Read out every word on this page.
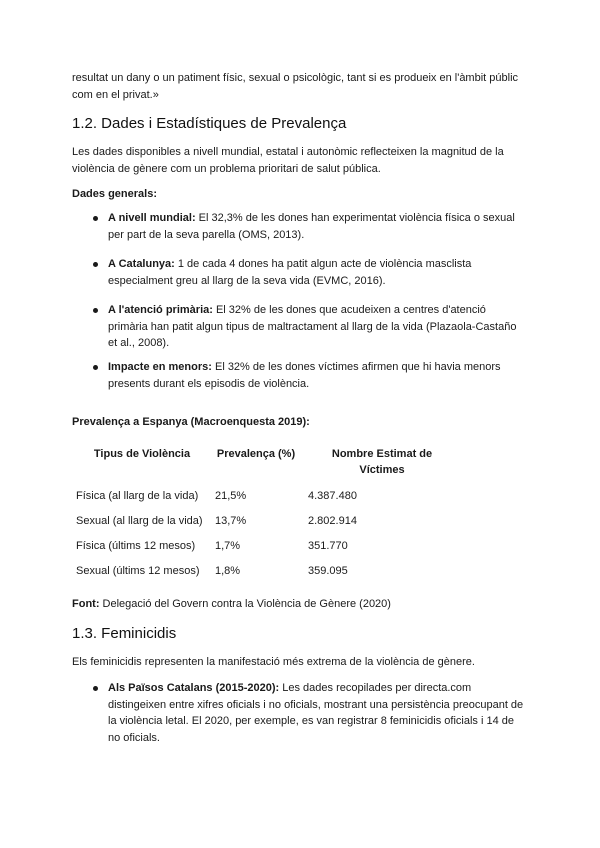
resultat un dany o un patiment físic, sexual o psicològic, tant si es produeix en l'àmbit públic com en el privat.»

1.2. Dades i Estadístiques de Prevalença

Les dades disponibles a nivell mundial, estatal i autonòmic reflecteixen la magnitud de la violència de gènere com un problema prioritari de salut pública.

Dades generals:

A nivell mundial: El 32,3% de les dones han experimentat violència física o sexual per part de la seva parella (OMS, 2013).

A Catalunya: 1 de cada 4 dones ha patit algun acte de violència masclista especialment greu al llarg de la seva vida (EVMC, 2016).

A l'atenció primària: El 32% de les dones que acudeixen a centres d'atenció primària han patit algun tipus de maltractament al llarg de la vida (Plazaola-Castaño et al., 2008).

Impacte en menors: El 32% de les dones víctimes afirmen que hi havia menors presents durant els episodis de violència.

Prevalença a Espanya (Macroenquesta 2019):

Tipus de Violència	Prevalença (%)	Nombre Estimat de Víctimes
Física (al llarg de la vida) 21,5%	4.387.480
Sexual (al llarg de la vida) 13,7%	2.802.914
Física (últims 12 mesos) 1,7%	351.770
Sexual (últims 12 mesos) 1,8%	359.095

Font: Delegació del Govern contra la Violència de Gènere (2020)

1.3. Feminicidis

Els feminicidis representen la manifestació més extrema de la violència de gènere.

Als Països Catalans (2015-2020): Les dades recopilades per directa.com distingeixen entre xifres oficials i no oficials, mostrant una persistència preocupant de la violència letal. El 2020, per exemple, es van registrar 8 feminicidis oficials i 14 de no oficials.
